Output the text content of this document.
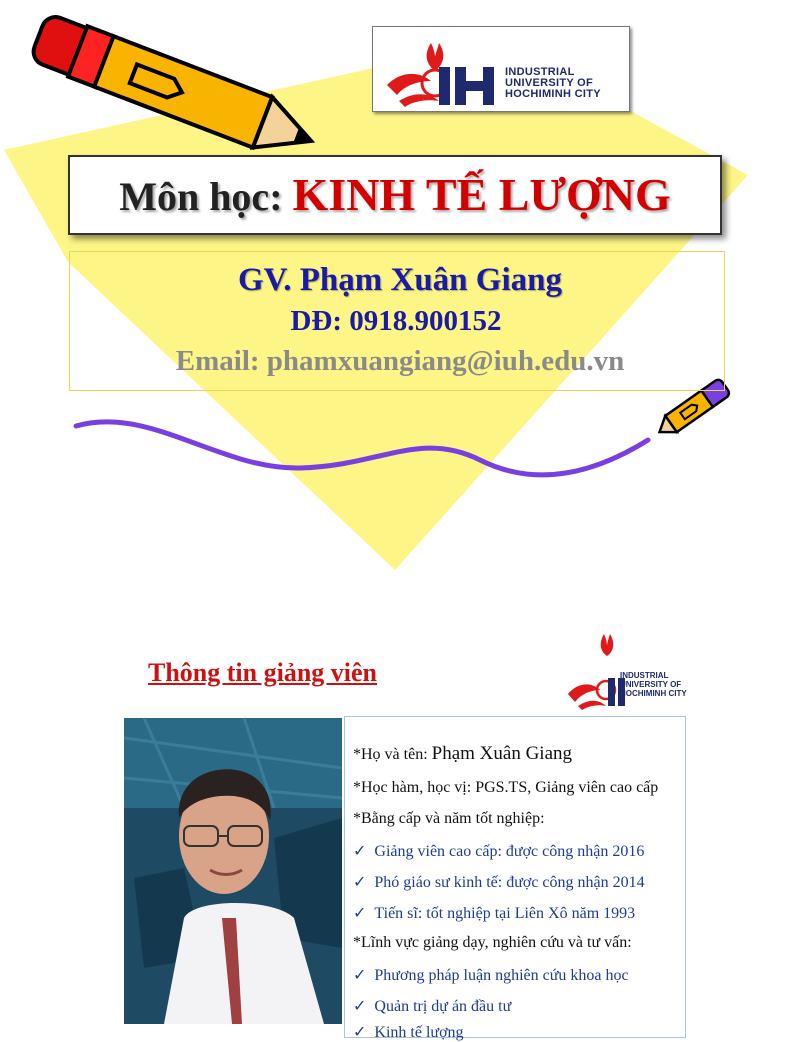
INDUSTRIAL
UNIVERSITY OF
HOCHIMINH CITY
Môn học: KINH TẾ LƯỢNG
GV. Phạm Xuân Giang
DĐ: 0918.900152
Email: phamxuangiang@iuh.edu.vn
Thông tin giảng viên	INDUSTRIAL
UNIVERSITY OF
HOCHIMINH CITY
*Họ và tên: Phạm Xuân Giang
*Học hàm, học vị: PGS.TS, Giảng viên cao cấp
*Bằng cấp và năm tốt nghiệp:
✓ Giảng viên cao cấp: được công nhận 2016
✓ Phó giáo sư kinh tế: được công nhận 2014
✓ Tiến sĩ: tốt nghiệp tại Liên Xô năm 1993
*Lĩnh vực giảng dạy, nghiên cứu và tư vấn:
✓ Phương pháp luận nghiên cứu khoa học
✓ Quản trị dự án đầu tư
✓ Kinh tế lượng
